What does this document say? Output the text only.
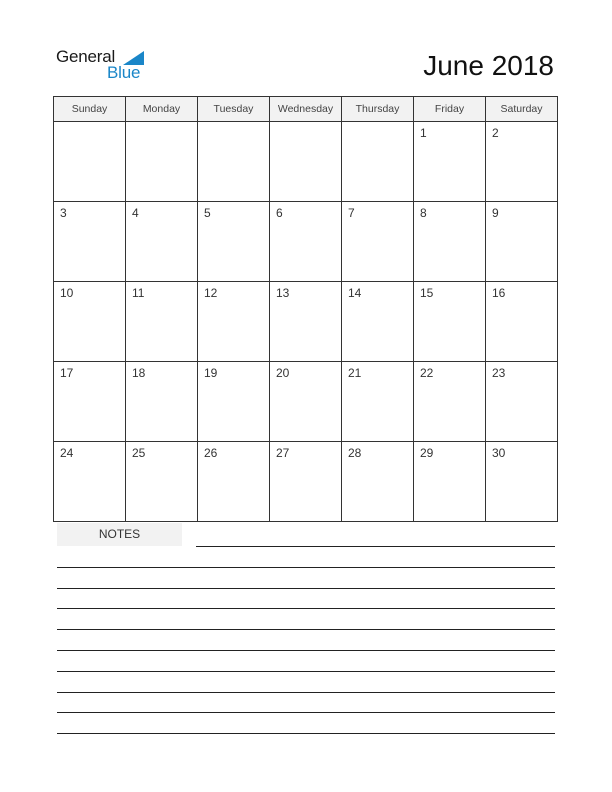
General
Blue	June 2018
Sunday	Monday	Tuesday	Wednesday	Thursday	Friday	Saturday
					1	2
3	4	5	6	7	8	9
10	11	12	13	14	15	16
17	18	19	20	21	22	23
24	25	26	27	28	29	30
NOTES
